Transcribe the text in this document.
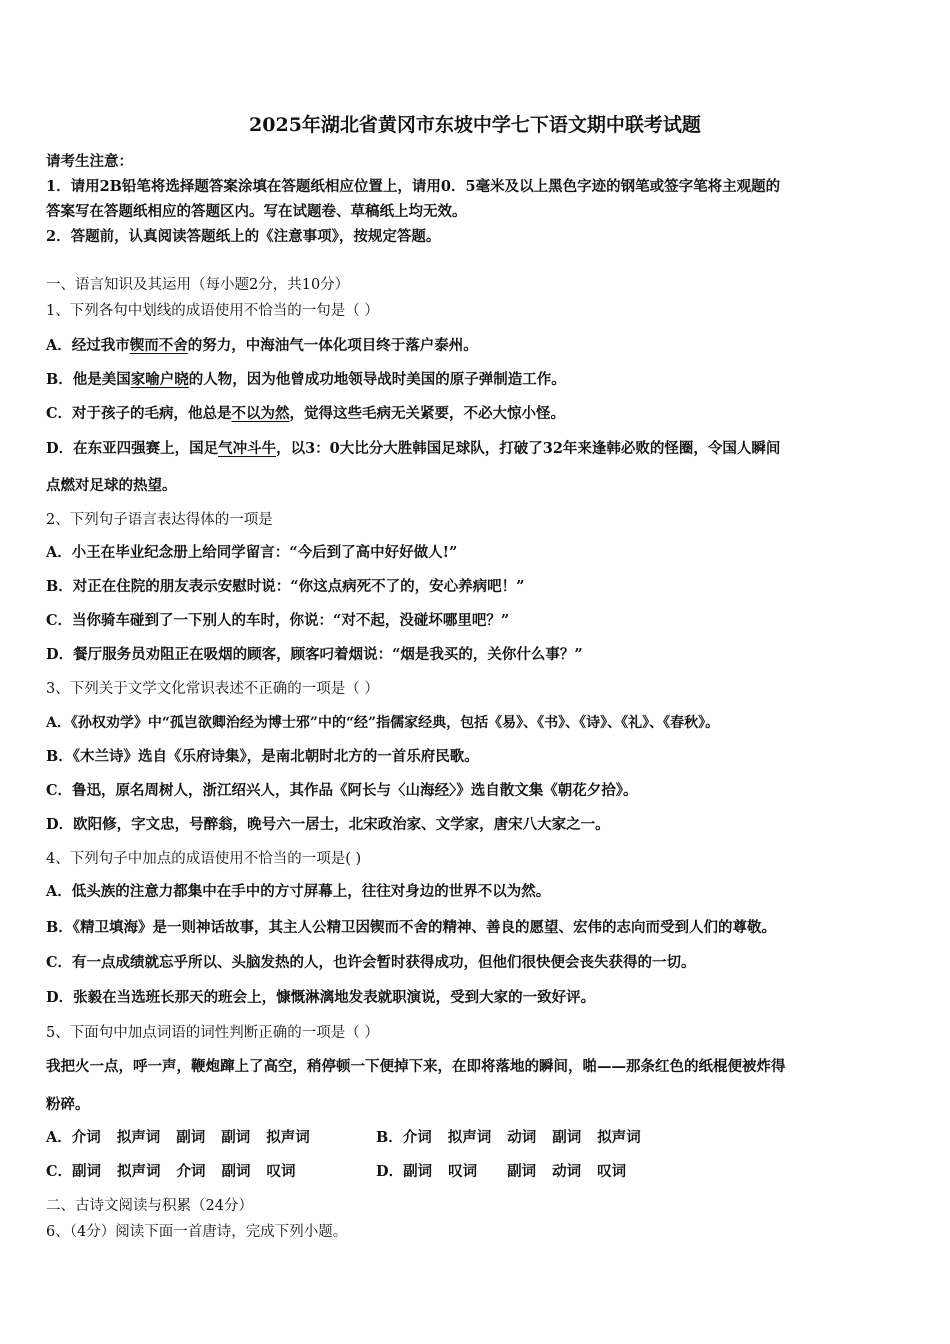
2025年湖北省黄冈市东坡中学七下语文期中联考试题
请考生注意：
1．请用2B铅笔将选择题答案涂填在答题纸相应位置上，请用0．5毫米及以上黑色字迹的钢笔或签字笔将主观题的
答案写在答题纸相应的答题区内。写在试题卷、草稿纸上均无效。
2．答题前，认真阅读答题纸上的《注意事项》，按规定答题。
一、语言知识及其运用（每小题2分，共10分）
1、下列各句中划线的成语使用不恰当的一句是（ ）
A．经过我市锲而不舍的努力，中海油气一体化项目终于落户泰州。
B．他是美国家喻户晓的人物，因为他曾成功地领导战时美国的原子弹制造工作。
C．对于孩子的毛病，他总是不以为然，觉得这些毛病无关紧要，不必大惊小怪。
D．在东亚四强赛上，国足气冲斗牛，以3：0大比分大胜韩国足球队，打破了32年来逢韩必败的怪圈，令国人瞬间
点燃对足球的热望。
2、下列句子语言表达得体的一项是
A．小王在毕业纪念册上给同学留言：“今后到了高中好好做人!”
B．对正在住院的朋友表示安慰时说：“你这点病死不了的，安心养病吧！”
C．当你骑车碰到了一下别人的车时，你说：“对不起，没碰坏哪里吧？”
D．餐厅服务员劝阻正在吸烟的顾客，顾客叼着烟说：“烟是我买的，关你什么事？”
3、下列关于文学文化常识表述不正确的一项是（ ）
A．《孙权劝学》中“孤岂欲卿治经为博士邪”中的“经”指儒家经典，包括《易》、《书》、《诗》、《礼》、《春秋》。
B．《木兰诗》选自《乐府诗集》，是南北朝时北方的一首乐府民歌。
C．鲁迅，原名周树人，浙江绍兴人，其作品《阿长与〈山海经〉》选自散文集《朝花夕拾》。
D．欧阳修，字文忠，号醉翁，晚号六一居士，北宋政治家、文学家，唐宋八大家之一。
4、下列句子中加点的成语使用不恰当的一项是( )
A．低头族的注意力都集中在手中的方寸屏幕上，往往对身边的世界不以为然。
B．《精卫填海》是一则神话故事，其主人公精卫因锲而不舍的精神、善良的愿望、宏伟的志向而受到人们的尊敬。
C．有一点成绩就忘乎所以、头脑发热的人，也许会暂时获得成功，但他们很快便会丧失获得的一切。
D．张毅在当选班长那天的班会上，慷慨淋漓地发表就职演说，受到大家的一致好评。
5、下面句中加点词语的词性判断正确的一项是（ ）
我把火一点，呼一声，鞭炮蹿上了高空，稍停顿一下便掉下来，在即将落地的瞬间，啪——那条红色的纸棍便被炸得
粉碎。
A．介词 拟声词 副词 副词 拟声词	B．介词 拟声词 动词 副词 拟声词
C．副词 拟声词 介词 副词 叹词	D．副词 叹词 副词 动词 叹词
二、古诗文阅读与积累（24分）
6、（4分）阅读下面一首唐诗，完成下列小题。
